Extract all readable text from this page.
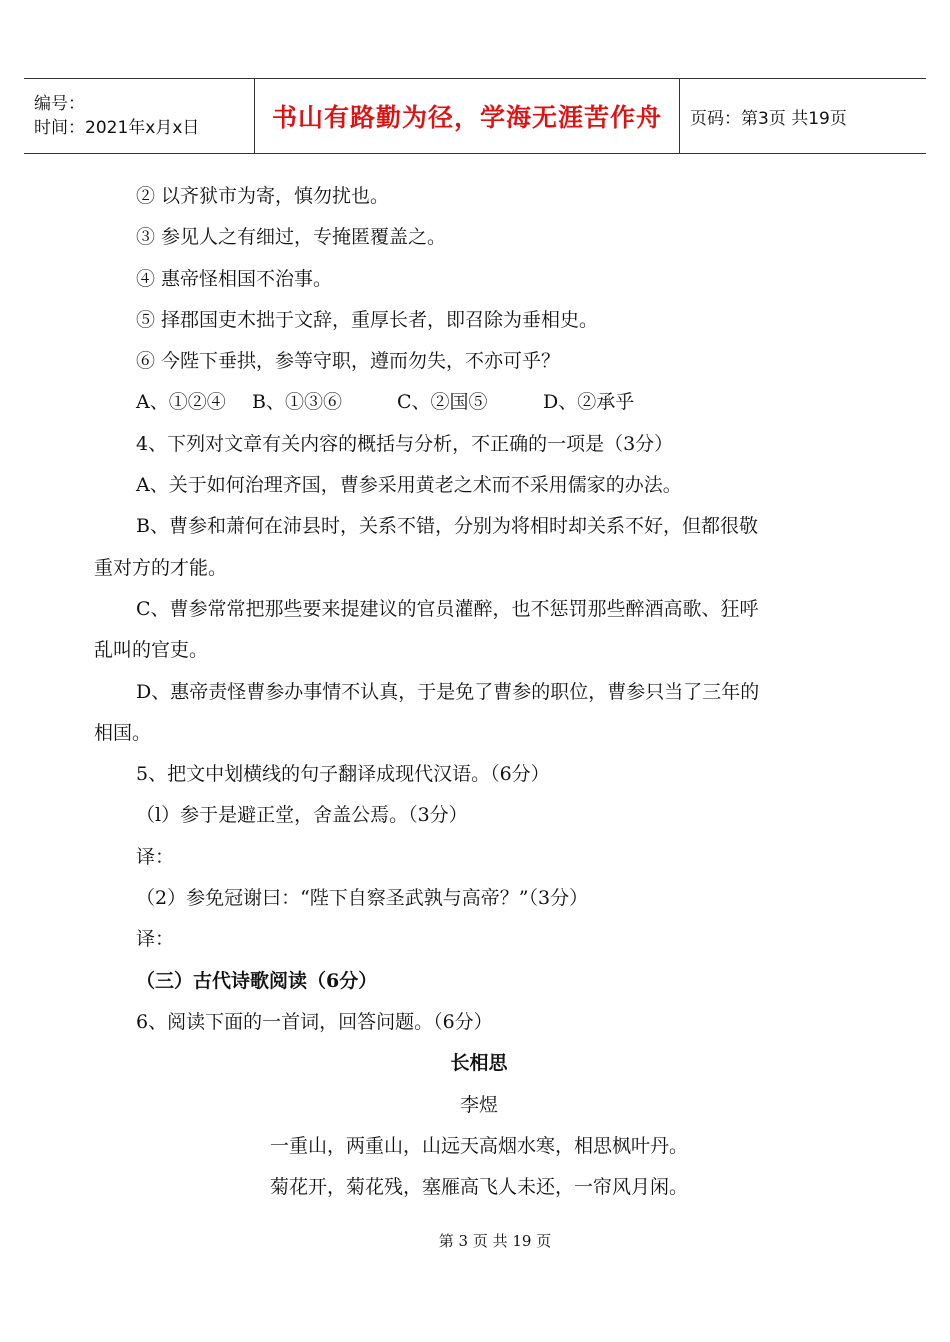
编号：
时间：2021年x月x日	书山有路勤为径，学海无涯苦作舟	页码：第3页 共19页
② 以齐狱市为寄，慎勿扰也。
③ 参见人之有细过，专掩匿覆盖之。
④ 惠帝怪相国不治事。
⑤ 择郡国吏木拙于文辞，重厚长者，即召除为垂相史。
⑥ 今陛下垂拱，参等守职，遵而勿失，不亦可乎？
A、①②④ B、①③⑥	C、②国⑤	D、②承乎
4、下列对文章有关内容的概括与分析，不正确的一项是（3分）
A、关于如何治理齐国，曹参采用黄老之术而不采用儒家的办法。
B、曹参和萧何在沛县时，关系不错，分别为将相时却关系不好，但都很敬
重对方的才能。
C、曹参常常把那些要来提建议的官员灌醉，也不惩罚那些醉酒高歌、狂呼
乱叫的官吏。
D、惠帝责怪曹参办事情不认真，于是免了曹参的职位，曹参只当了三年的
相国。
5、把文中划横线的句子翻译成现代汉语。（6分）
（l）参于是避正堂，舍盖公焉。（3分）
译：
（2）参免冠谢曰：“陛下自察圣武孰与高帝？”（3分）
译：
（三）古代诗歌阅读（6分）
6、阅读下面的一首词，回答问题。（6分）
长相思
李煜
一重山，两重山，山远天高烟水寒，相思枫叶丹。
菊花开，菊花残，塞雁高飞人未还，一帘风月闲。
第 3 页 共 19 页
